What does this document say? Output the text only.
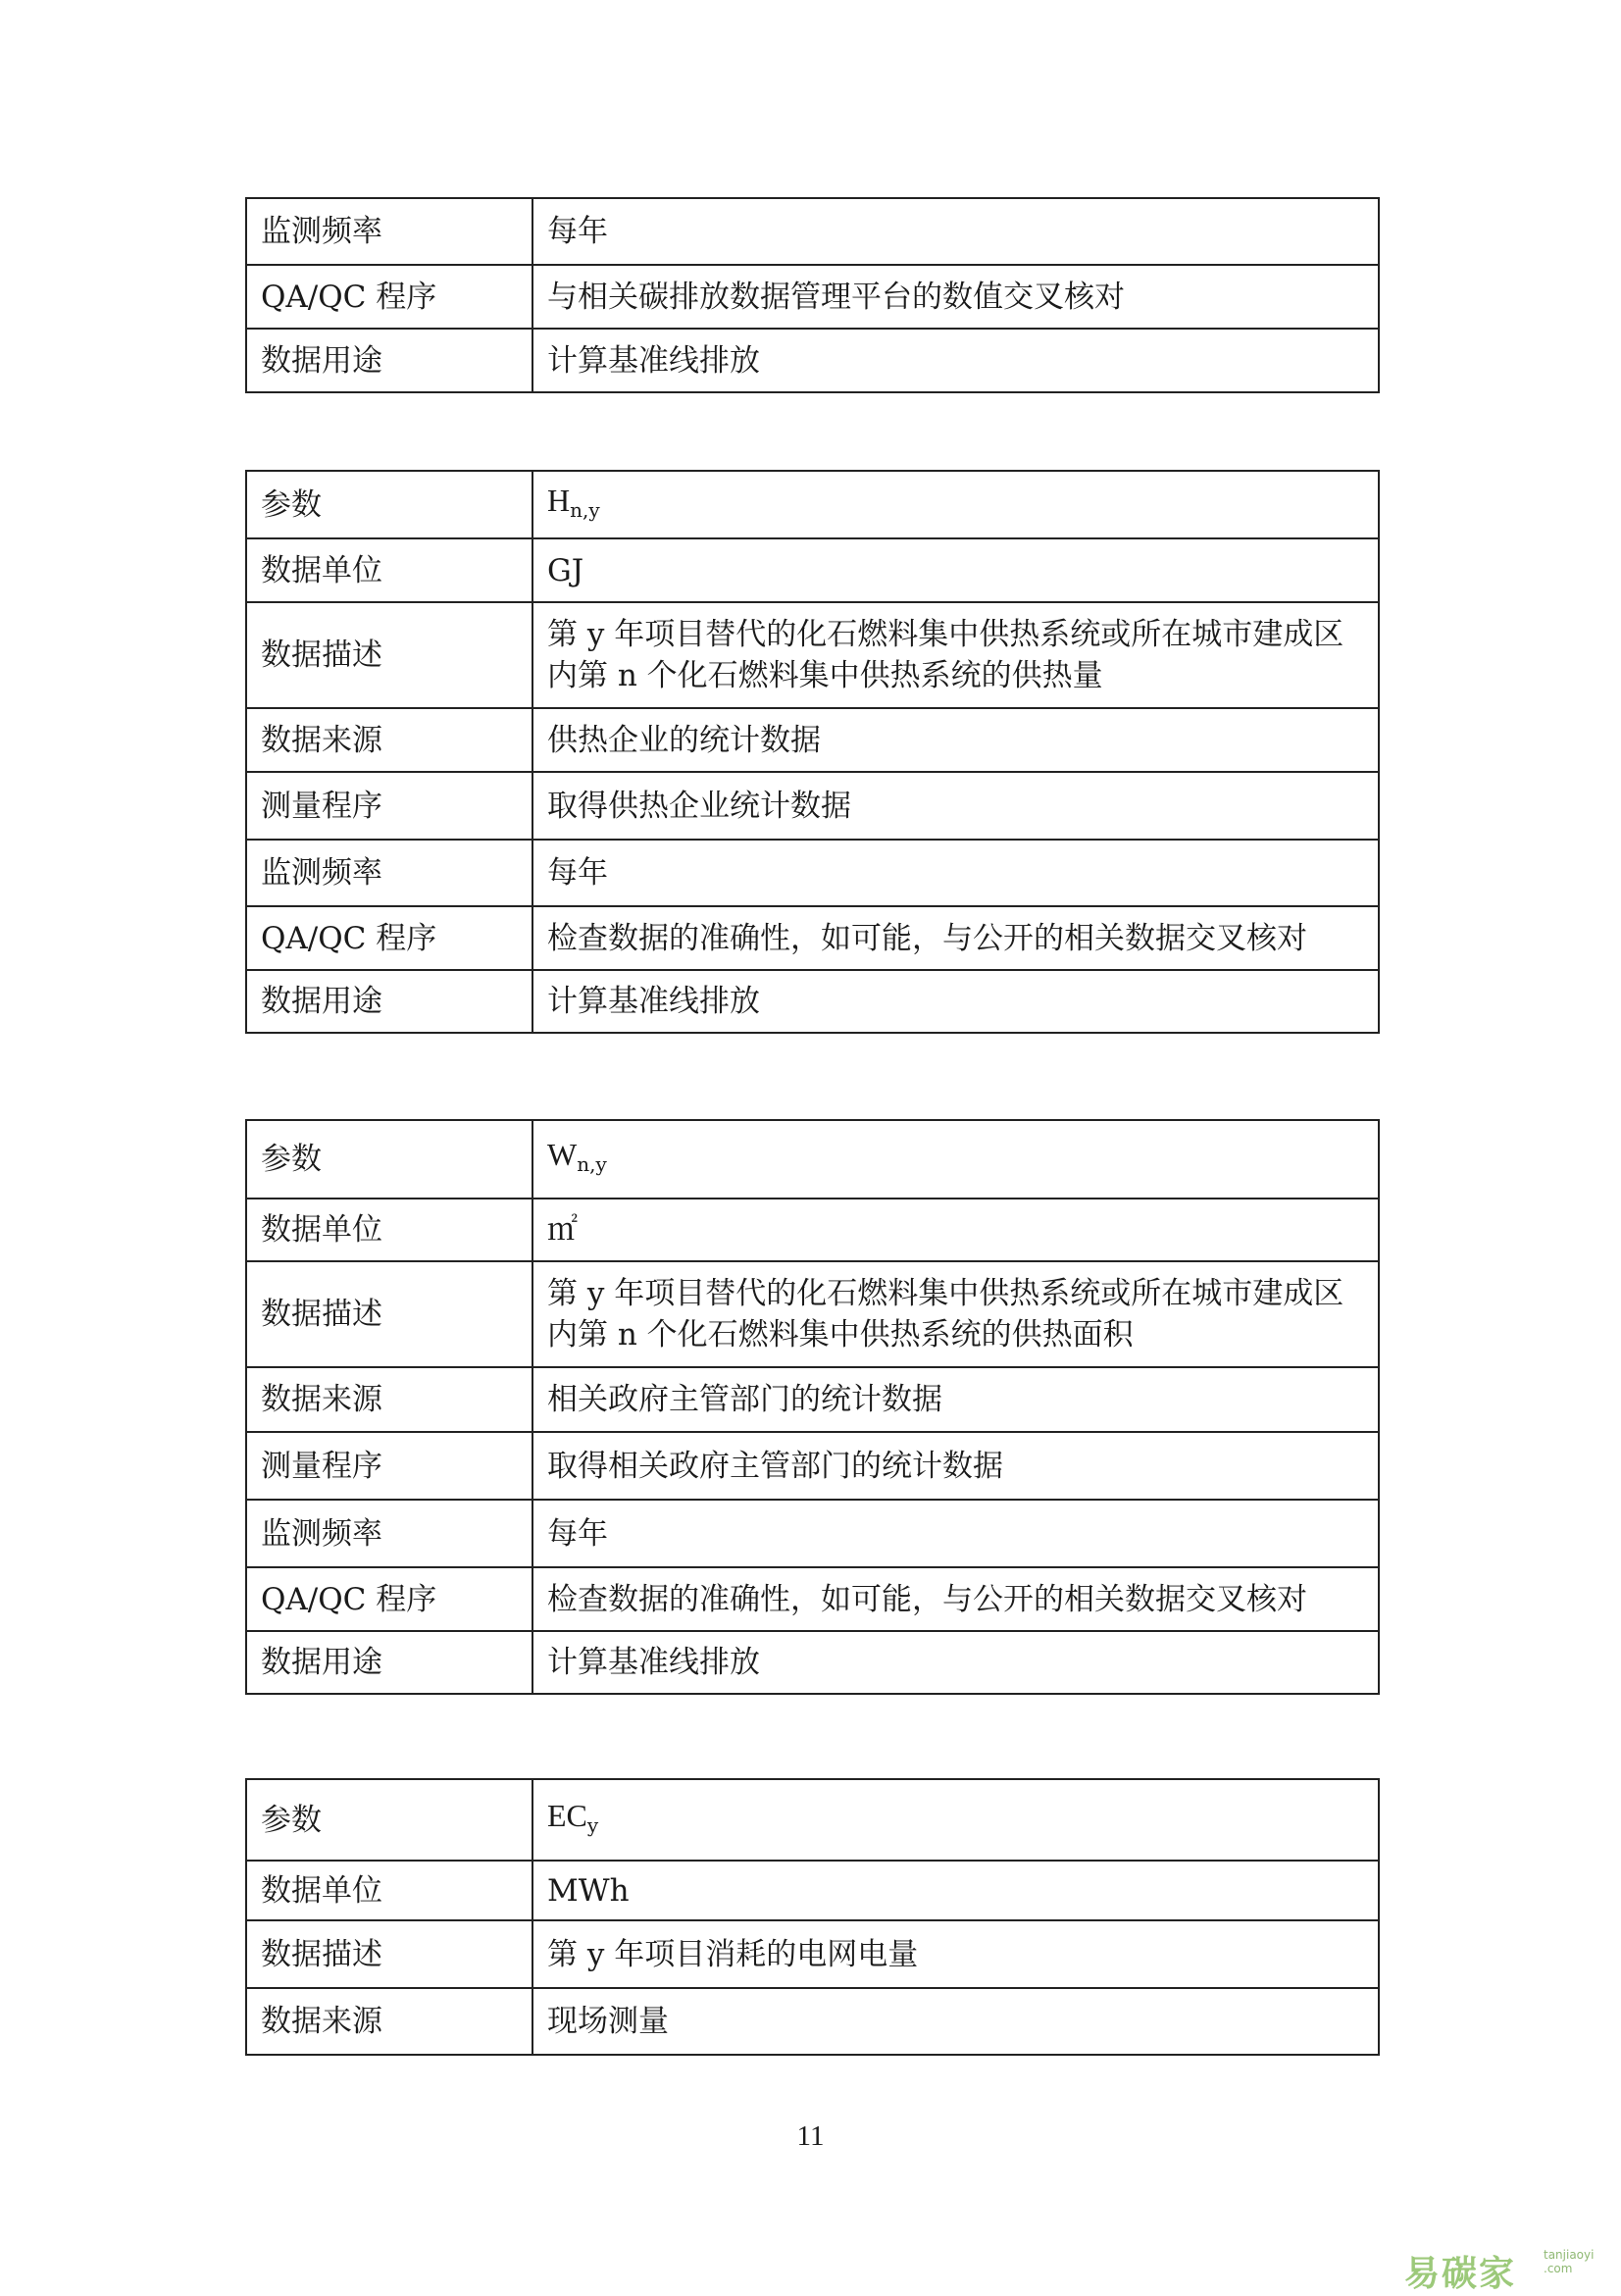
监测频率	每年
QA/QC 程序	与相关碳排放数据管理平台的数值交叉核对
数据用途	计算基准线排放
参数	$H_{n,y}$
数据单位	GJ
数据描述	第 y 年项目替代的化石燃料集中供热系统或所在城市建成区内第 n 个化石燃料集中供热系统的供热量
数据来源	供热企业的统计数据
测量程序	取得供热企业统计数据
监测频率	每年
QA/QC 程序	检查数据的准确性，如可能，与公开的相关数据交叉核对
数据用途	计算基准线排放
参数	$W_{n,y}$
数据单位	㎡
数据描述	第 y 年项目替代的化石燃料集中供热系统或所在城市建成区内第 n 个化石燃料集中供热系统的供热面积
数据来源	相关政府主管部门的统计数据
测量程序	取得相关政府主管部门的统计数据
监测频率	每年
QA/QC 程序	检查数据的准确性，如可能，与公开的相关数据交叉核对
数据用途	计算基准线排放
参数	$EC_y$
数据单位	MWh
数据描述	第 y 年项目消耗的电网电量
数据来源	现场测量
11
易碳家 tanjiaoyi .com
